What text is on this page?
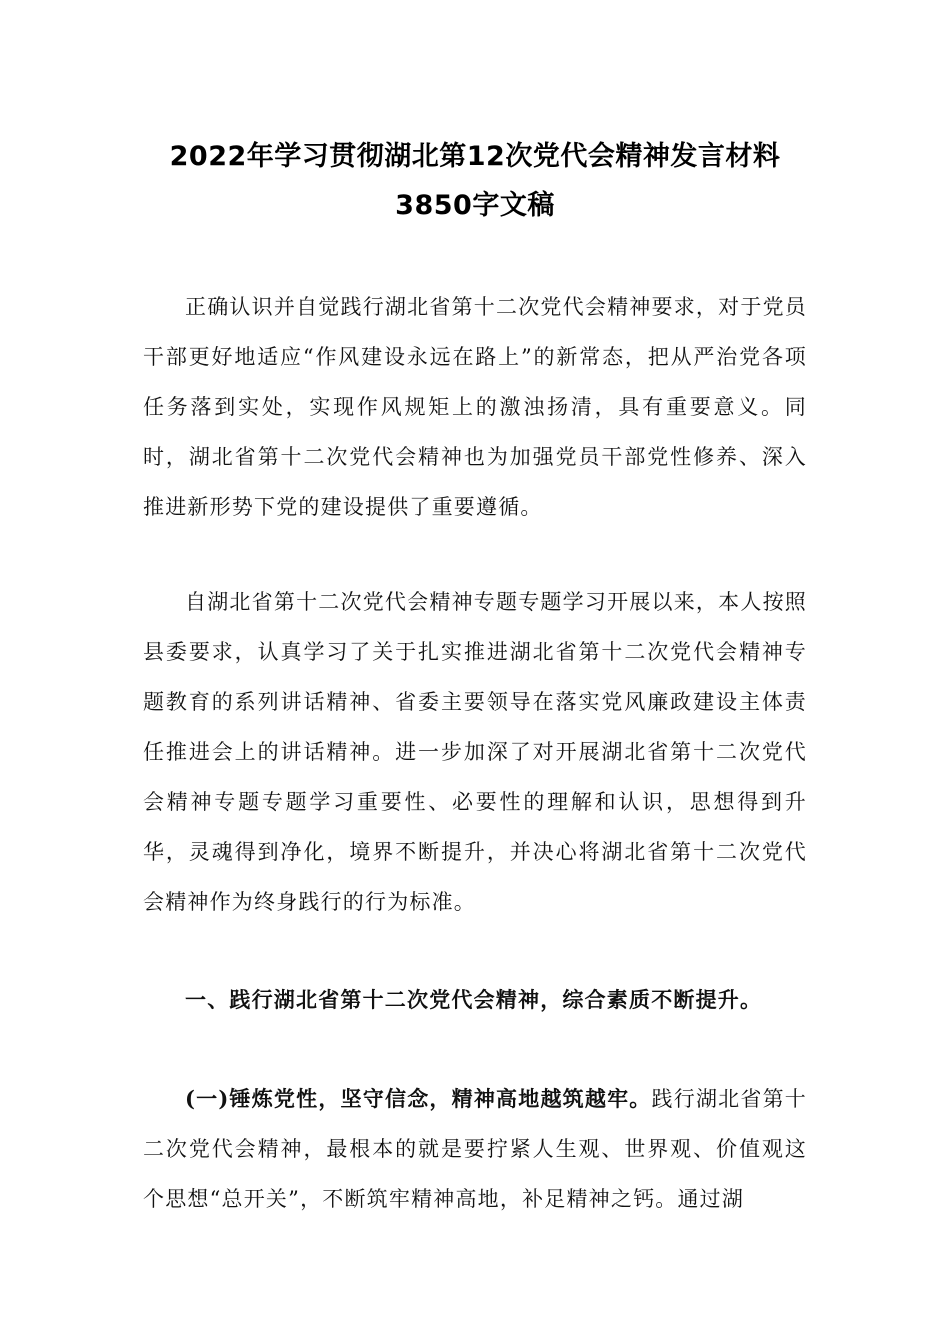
2022年学习贯彻湖北第12次党代会精神发言材料
3850字文稿

正确认识并自觉践行湖北省第十二次党代会精神要求，对于党员干部更好地适应“作风建设永远在路上”的新常态，把从严治党各项任务落到实处，实现作风规矩上的激浊扬清，具有重要意义。同时，湖北省第十二次党代会精神也为加强党员干部党性修养、深入推进新形势下党的建设提供了重要遵循。

自湖北省第十二次党代会精神专题专题学习开展以来，本人按照县委要求，认真学习了关于扎实推进湖北省第十二次党代会精神专题教育的系列讲话精神、省委主要领导在落实党风廉政建设主体责任推进会上的讲话精神。进一步加深了对开展湖北省第十二次党代会精神专题专题学习重要性、必要性的理解和认识，思想得到升华，灵魂得到净化，境界不断提升，并决心将湖北省第十二次党代会精神作为终身践行的行为标准。

一、践行湖北省第十二次党代会精神，综合素质不断提升。

(一)锤炼党性，坚守信念，精神高地越筑越牢。践行湖北省第十二次党代会精神，最根本的就是要拧紧人生观、世界观、价值观这个思想“总开关”，不断筑牢精神高地，补足精神之钙。通过湖
